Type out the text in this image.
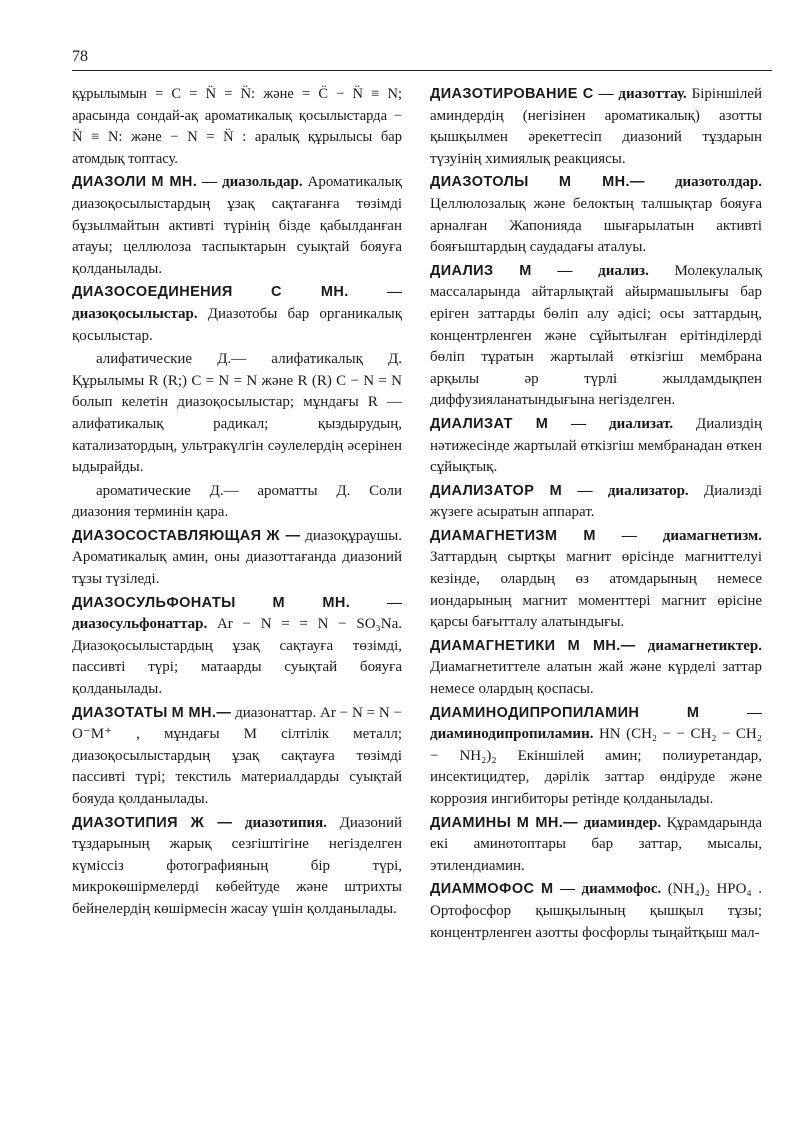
78

құрылымын = C = N̈ = N̈: және = C̈ − N̈ ≡ N; арасында сондай-ақ ароматикалық қосылыстарда − N̈ ≡ N: және − N = N̈ : аралық құрылысы бар атомдық топтасу.

ДИАЗОЛИ М МН. — диазольдар. Ароматикалық диазоқосылыстардың ұзақ сақтағанға төзімді бұзылмайтын активті түрінің бізде қабылданған атауы; целлюлоза таспыктарын суықтай бояуға қолданылады.

ДИАЗОСОЕДИНЕНИЯ	С МН.	— диазоқосылыстар. Диазотобы бар органикалық қосылыстар.

алифатические Д.— алифатикалық Д. Құрылымы R (R;) C = N = N және R (R) C − N = N болып келетін диазоқосылыстар; мұндағы R — алифатикалық радикал; қыздырудың, катализатордың, ультракүлгін сәулелердің әсерінен ыдырайды.

ароматические Д.— ароматты Д. Соли диазония терминін қара.

ДИАЗОСОСТАВЛЯЮЩАЯ Ж — диазоқұраушы. Ароматикалық амин, оны диазоттағанда диазоний тұзы түзіледі.

ДИАЗОСУЛЬФОНАТЫ	М МН. — диазосульфонаттар. Ar − N = = N − SO₃Na. Диазоқосылыстардың ұзақ сақтауға төзімді, пассивті түрі; матаарды суықтай бояуға қолданылады.

ДИАЗОТАТЫ М МН.— диазонаттар. Ar − N = N − O⁻M⁺ , мұндағы M сілтілік металл; диазоқосылыстардың ұзақ сақтауға төзімді пассивті түрі; текстиль материалдарды суықтай бояуда қолданылады.

ДИАЗОТИПИЯ Ж — диазотипия. Диазоний тұздарының жарық сезгіштігіне негізделген күміссіз фотографияның бір түрі, микрокөшірмелерді көбейтуде және штрихты бейнелердің көшірмесін жасау үшін қолданылады.

ДИАЗОТИРОВАНИЕ С — диазоттау. Біріншілей аминдердің (негізінен ароматикалық) азотты қышқылмен әрекеттесіп диазоний тұздарын түзуінің химиялық реакциясы.

ДИАЗОТОЛЫ М МН.— диазотолдар. Целлюлозалық және белоктың талшықтар бояуға арналған Жапонияда шығарылатын активті бояғыштардың саудадағы аталуы.

ДИАЛИЗ М — диализ. Молекулалық массаларында айтарлықтай айырмашылығы бар еріген заттарды бөліп алу әдісі; осы заттардың, концентрленген және сұйытылған ерітінділерді бөліп тұратын жартылай өткізгіш мембрана арқылы әр түрлі жылдамдықпен диффузияланатындығына негізделген.

ДИАЛИЗАТ М — диализат. Диализдің нәтижесінде жартылай өткізгіш мембранадан өткен сұйықтық.

ДИАЛИЗАТОР М — диализатор. Диализді жүзеге асыратын аппарат.

ДИАМАГНЕТИЗМ М — диамагнетизм. Заттардың сыртқы магнит өрісінде магниттелуі кезінде, олардың өз атомдарының немесе иондарының магнит моменттері магнит өрісіне қарсы бағытталу алатындығы.

ДИАМАГНЕТИКИ М МН.— диамагнетиктер. Диамагнетиттеле алатын жай және күрделі заттар немесе олардың қоспасы.

ДИАМИНОДИПРОПИЛАМИН	М	— диаминодипропиламин. HN (CH₂ − − CH₂ − CH₂ − NH₂)₂ Екіншілей амин; полиуретандар, инсектицидтер, дәрілік заттар өндіруде және коррозия ингибиторы ретінде қолданылады.

ДИАМИНЫ М МН.— диаминдер. Құрамдарында екі аминотоптары бар заттар, мысалы, этилендиамин.

ДИАММОФОС М — диаммофос. (NH₄)₂ HPO₄ . Ортофосфор қышқылының қышқыл тұзы; концентрленген азотты фосфорлы тыңайтқыш мал-
